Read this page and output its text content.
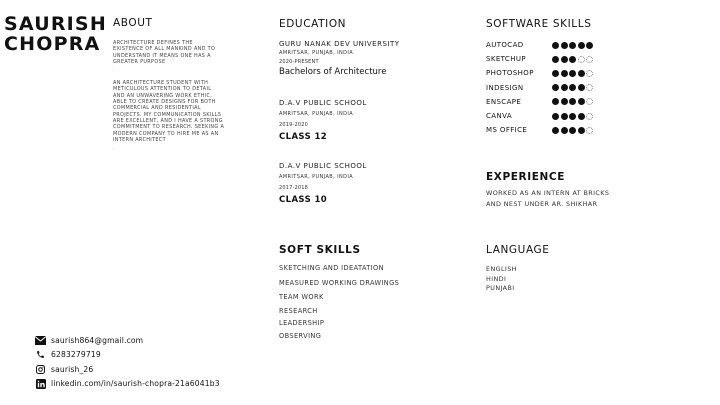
SAURISH
CHOPRA
ABOUT

ARCHITECTURE DEFINES THE EXISTENCE OF ALL MANKIND AND TO UNDERSTAND IT MEANS ONE HAS A GREATER PURPOSE

.

AN ARCHITECTURE STUDENT WITH METICULOUS ATTENTION TO DETAIL AND AN UNWAVERING WORK ETHIC, ABLE TO CREATE DESIGNS FOR BOTH COMMERCIAL AND RESIDENTIAL PROJECTS. MY COMMUNICATION SKILLS ARE EXCELLENT, AND I HAVE A STRONG COMMITMENT TO RESEARCH. SEEKING A MODERN COMPANY TO HIRE ME AS AN INTERN ARCHITECT

.
EDUCATION
GURU NANAK DEV UNIVERSITY
AMRITSAR, PUNJAB, INDIA
2020-PRESENT
Bachelors of Architecture
D.A.V PUBLIC SCHOOL
AMRITSAR, PUNJAB, INDIA
2019-2020
CLASS 12
D.A.V PUBLIC SCHOOL
AMRITSAR, PUNJAB, INDIA
2017-2018
CLASS 10
SOFTWARE SKILLS
AUTOCAD
SKETCHUP
PHOTOSHOP
INDESIGN
ENSCAPE
CANVA
MS OFFICE
EXPERIENCE
WORKED AS AN INTERN AT BRICKS
AND NEST UNDER AR. SHIKHAR
SOFT SKILLS
SKETCHING AND IDEATATION
MEASURED WORKING DRAWINGS
TEAM WORK
RESEARCH
LEADERSHIP
OBSERVING
LANGUAGE
ENGLISH
HINDI
PUNJABI
saurish864@gmail.com
6283279719
saurish_26
linkedin.com/in/saurish-chopra-21a6041b3
